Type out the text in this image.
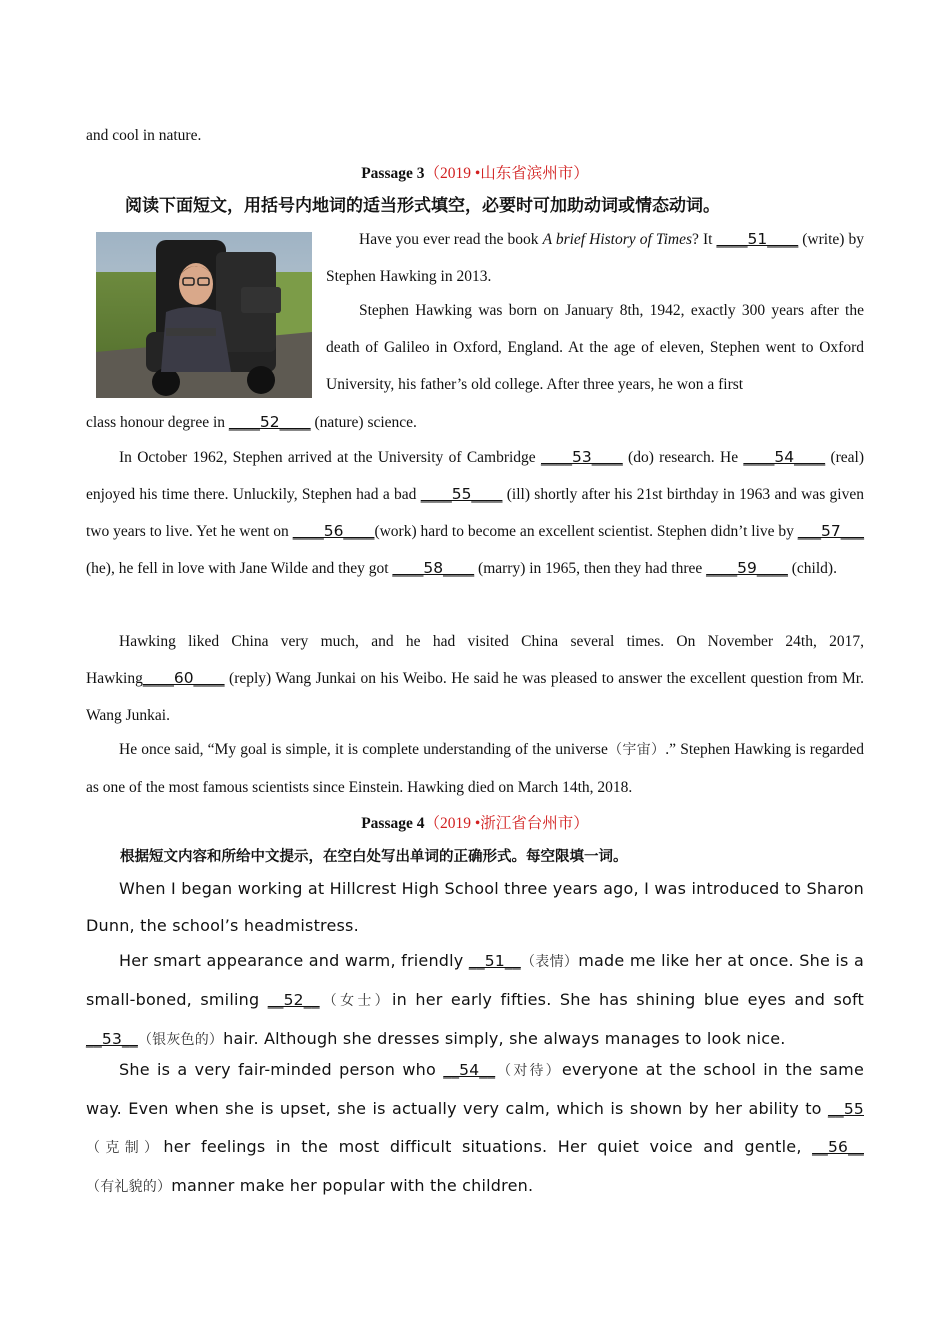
and cool in nature.

Passage 3（2019 •山东省滨州市）

阅读下面短文，用括号内地词的适当形式填空，必要时可加助动词或情态动词。

Have you ever read the book A brief History of Times? It ____51____ (write) by Stephen Hawking in 2013.

Stephen Hawking was born on January 8th, 1942, exactly 300 years after the death of Galileo in Oxford, England. At the age of eleven, Stephen went to Oxford University, his father’s old college. After three years, he won a first

class honour degree in ____52____ (nature) science.

In October 1962, Stephen arrived at the University of Cambridge ____53____ (do) research. He ____54____ (real) enjoyed his time there. Unluckily, Stephen had a bad ____55____ (ill) shortly after his 21st birthday in 1963 and was given two years to live. Yet he went on ____56____(work) hard to become an excellent scientist. Stephen didn’t live by ___57___ (he), he fell in love with Jane Wilde and they got ____58____ (marry) in 1965, then they had three ____59____ (child).

Hawking liked China very much, and he had visited China several times. On November 24th, 2017, Hawking____60____ (reply) Wang Junkai on his Weibo. He said he was pleased to answer the excellent question from Mr. Wang Junkai.

He once said, “My goal is simple, it is complete understanding of the universe（宇宙）.” Stephen Hawking is regarded as one of the most famous scientists since Einstein. Hawking died on March 14th, 2018.

Passage 4（2019 •浙江省台州市）

根据短文内容和所给中文提示，在空白处写出单词的正确形式。每空限填一词。

When I began working at Hillcrest High School three years ago, I was introduced to Sharon Dunn, the school’s headmistress.

Her smart appearance and warm, friendly __51__（表情）made me like her at once. She is a small-boned, smiling __52__（女士）in her early fifties. She has shining blue eyes and soft __53__（银灰色的）hair. Although she dresses simply, she always manages to look nice.

She is a very fair-minded person who __54__（对待）everyone at the school in the same way. Even when she is upset, she is actually very calm, which is shown by her ability to __55（克制）her feelings in the most difficult situations. Her quiet voice and gentle, __56__（有礼貌的）manner make her popular with the children.
